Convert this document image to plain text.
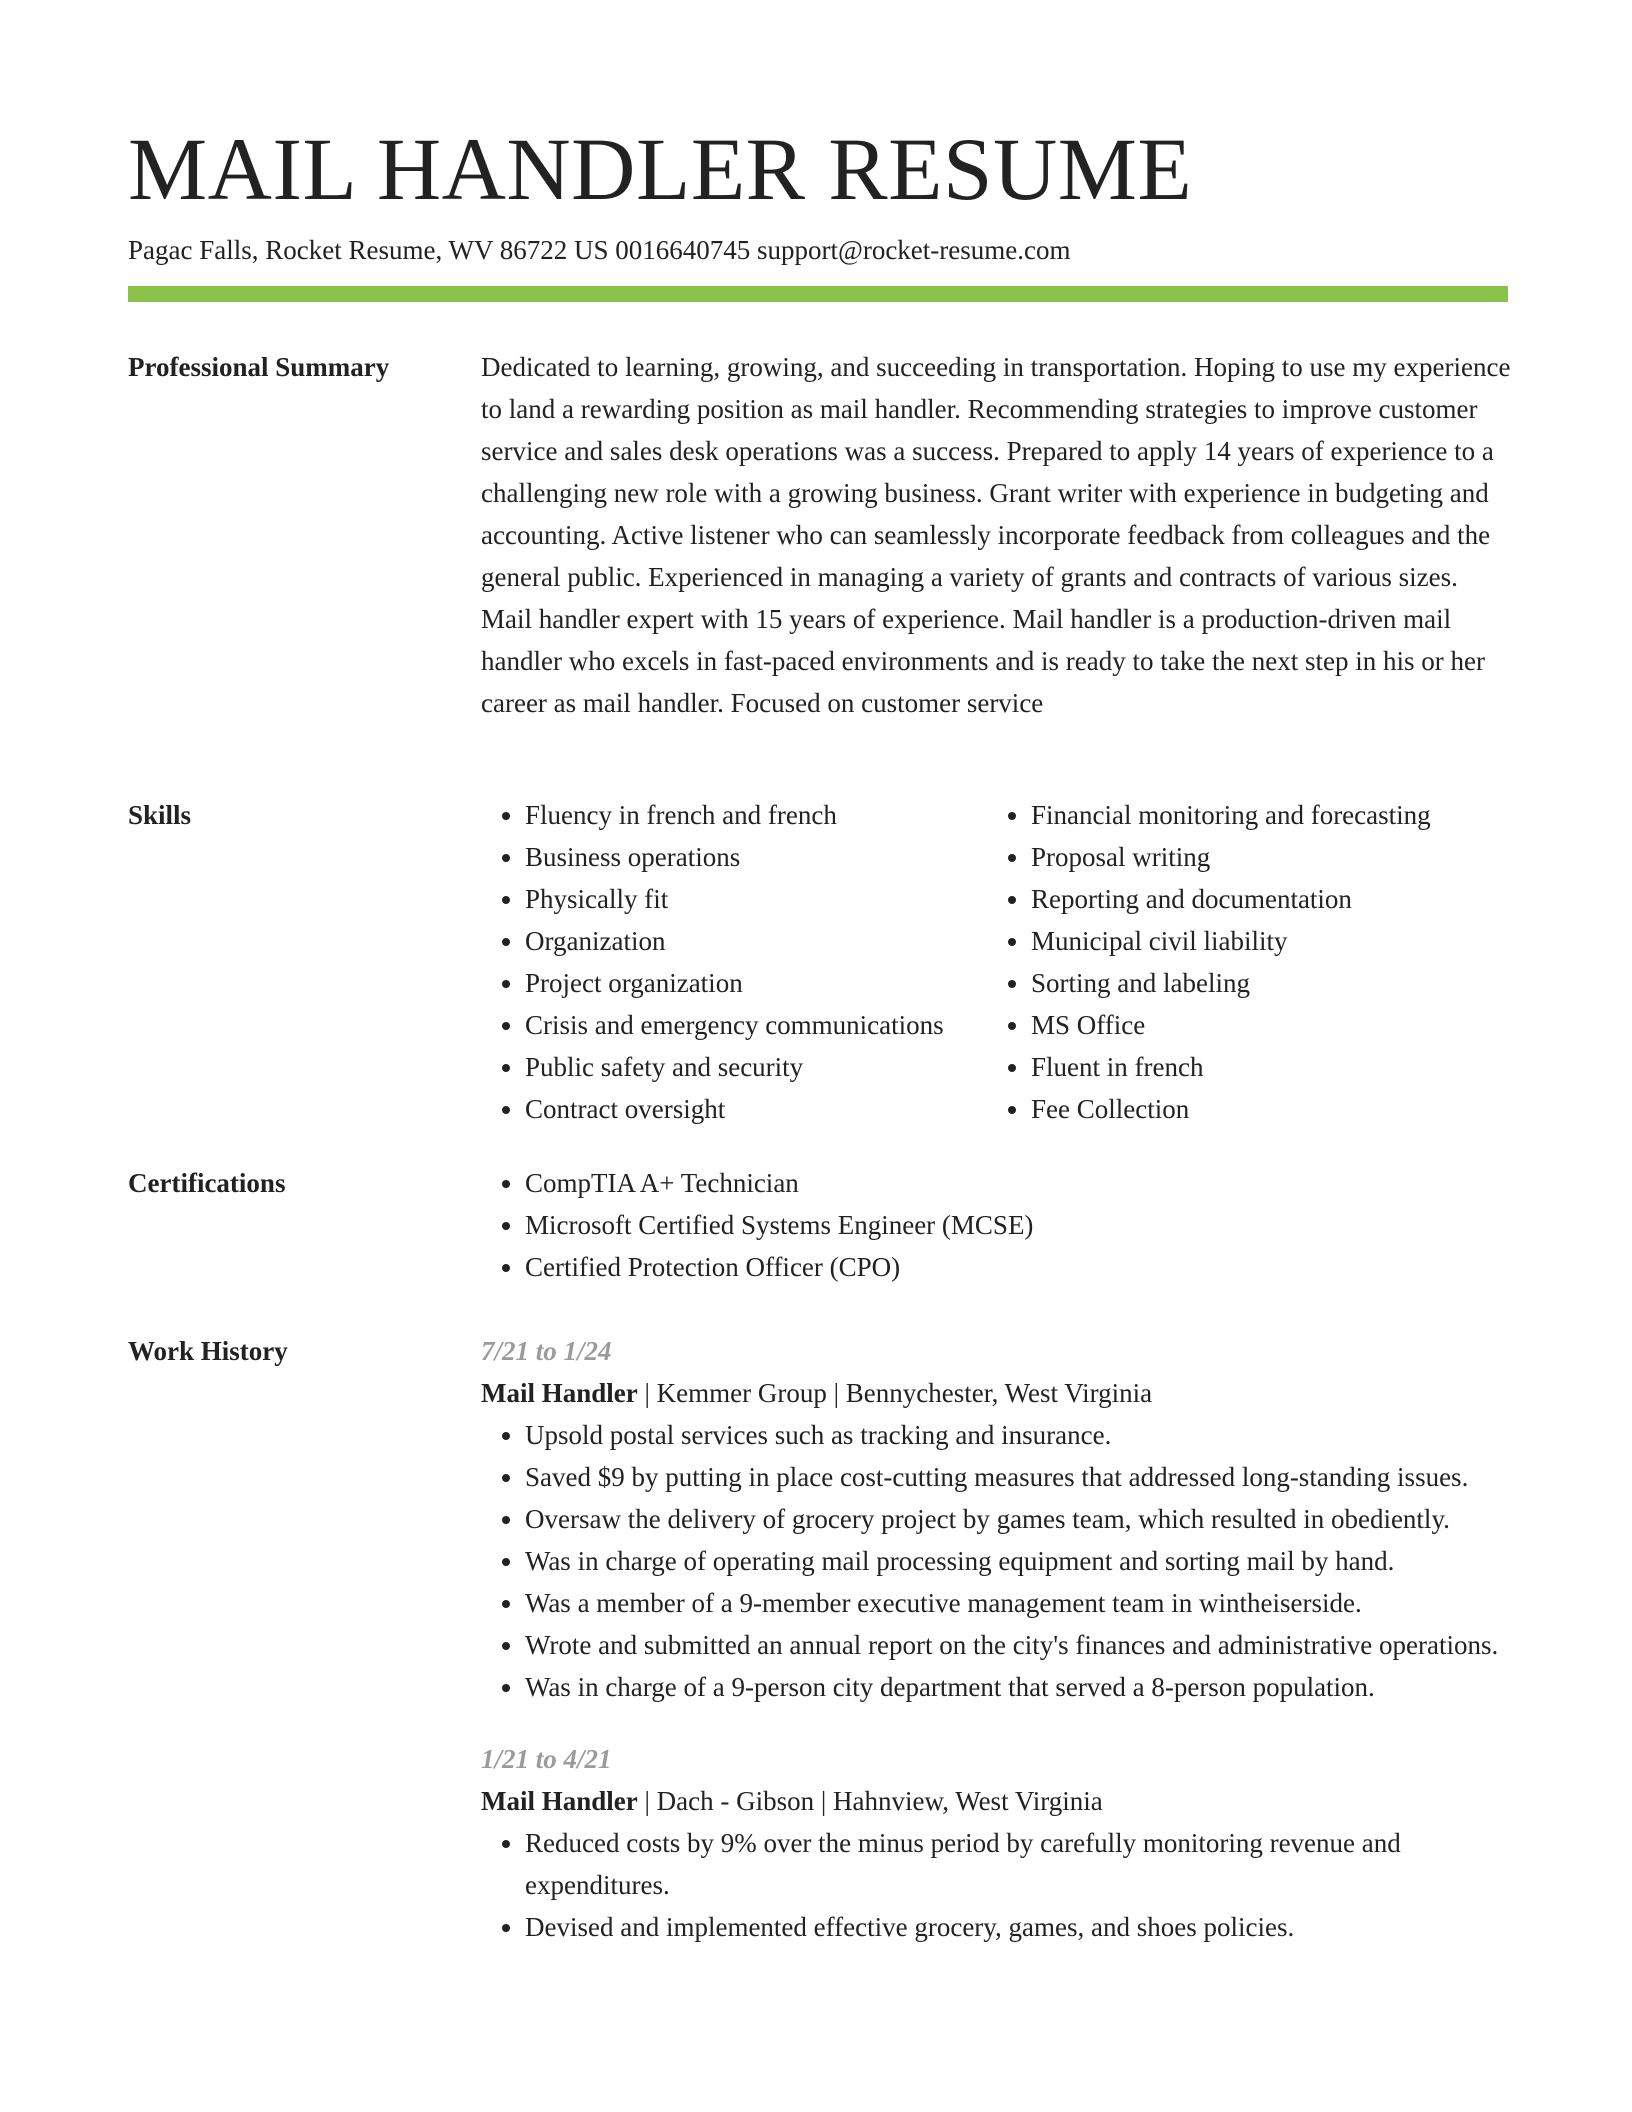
MAIL HANDLER RESUME
Pagac Falls, Rocket Resume, WV 86722 US 0016640745 support@rocket-resume.com
Professional Summary	Dedicated to learning, growing, and succeeding in transportation. Hoping to use my experience to land a rewarding position as mail handler. Recommending strategies to improve customer service and sales desk operations was a success. Prepared to apply 14 years of experience to a challenging new role with a growing business. Grant writer with experience in budgeting and accounting. Active listener who can seamlessly incorporate feedback from colleagues and the general public. Experienced in managing a variety of grants and contracts of various sizes. Mail handler expert with 15 years of experience. Mail handler is a production-driven mail handler who excels in fast-paced environments and is ready to take the next step in his or her career as mail handler. Focused on customer service

Skills	• Fluency in french and french
• Business operations
• Physically fit
• Organization
• Project organization
• Crisis and emergency communications
• Public safety and security
• Contract oversight
• Financial monitoring and forecasting
• Proposal writing
• Reporting and documentation
• Municipal civil liability
• Sorting and labeling
• MS Office
• Fluent in french
• Fee Collection
Certifications	• CompTIA A+ Technician
• Microsoft Certified Systems Engineer (MCSE)
• Certified Protection Officer (CPO)
Work History	7/21 to 1/24
Mail Handler | Kemmer Group | Bennychester, West Virginia
• Upsold postal services such as tracking and insurance.
• Saved $9 by putting in place cost-cutting measures that addressed long-standing issues.
• Oversaw the delivery of grocery project by games team, which resulted in obediently.
• Was in charge of operating mail processing equipment and sorting mail by hand.
• Was a member of a 9-member executive management team in wintheiserside.
• Wrote and submitted an annual report on the city's finances and administrative operations.
• Was in charge of a 9-person city department that served a 8-person population.
1/21 to 4/21
Mail Handler | Dach - Gibson | Hahnview, West Virginia
• Reduced costs by 9% over the minus period by carefully monitoring revenue and expenditures.
• Devised and implemented effective grocery, games, and shoes policies.
